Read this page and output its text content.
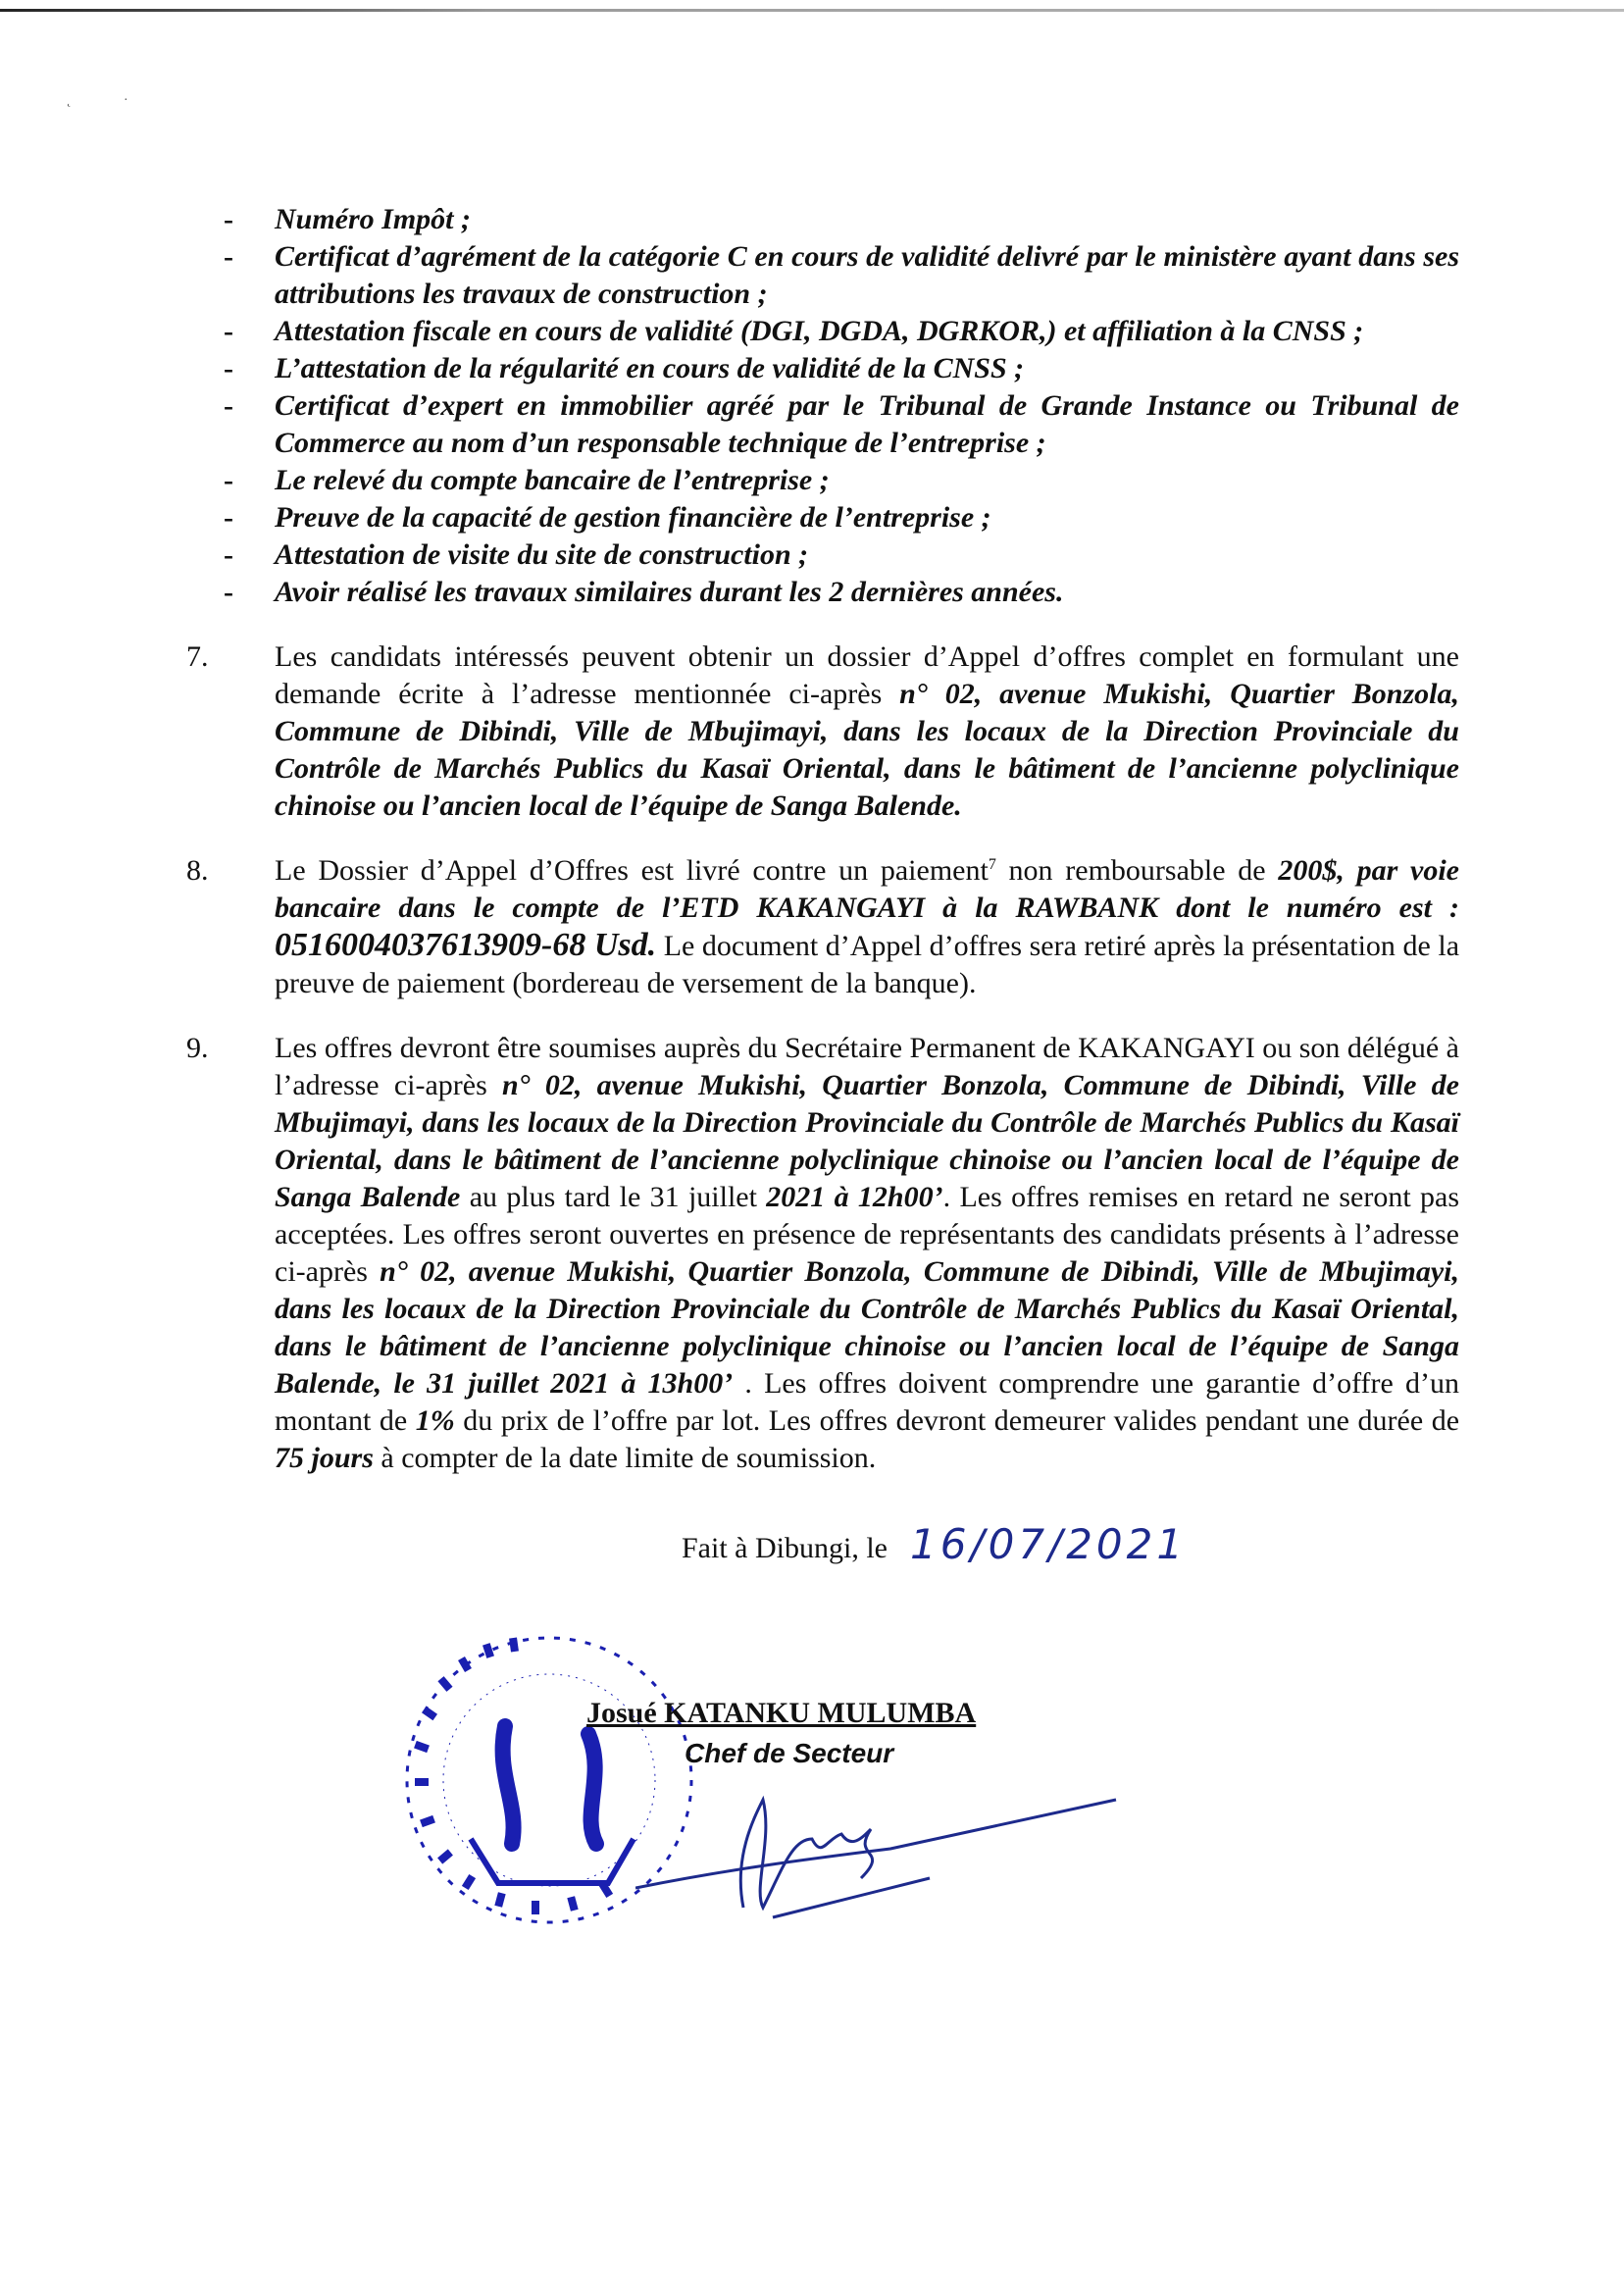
˛	·
- Numéro Impôt ;
- Certificat d’agrément de la catégorie C en cours de validité delivré par le ministère ayant dans ses attributions les travaux de construction ;
- Attestation fiscale en cours de validité (DGI, DGDA, DGRKOR,) et affiliation à la CNSS ;
- L’attestation de la régularité en cours de validité de la CNSS ;
- Certificat d’expert en immobilier agréé par le Tribunal de Grande Instance ou Tribunal de Commerce au nom d’un responsable technique de l’entreprise ;
- Le relevé du compte bancaire de l’entreprise ;
- Preuve de la capacité de gestion financière de l’entreprise ;
- Attestation de visite du site de construction ;
- Avoir réalisé les travaux similaires durant les 2 dernières années.
7. Les candidats intéressés peuvent obtenir un dossier d’Appel d’offres complet en formulant une demande écrite à l’adresse mentionnée ci-après n° 02, avenue Mukishi, Quartier Bonzola, Commune de Dibindi, Ville de Mbujimayi, dans les locaux de la Direction Provinciale du Contrôle de Marchés Publics du Kasaï Oriental, dans le bâtiment de l’ancienne polyclinique chinoise ou l’ancien local de l’équipe de Sanga Balende.
8. Le Dossier d’Appel d’Offres est livré contre un paiement$^7$ non remboursable de 200$, par voie bancaire dans le compte de l’ETD KAKANGAYI à la RAWBANK dont le numéro est : 0516004037613909-68 Usd. Le document d’Appel d’offres sera retiré après la présentation de la preuve de paiement (bordereau de versement de la banque).
9. Les offres devront être soumises auprès du Secrétaire Permanent de KAKANGAYI ou son délégué à l’adresse ci-après n° 02, avenue Mukishi, Quartier Bonzola, Commune de Dibindi, Ville de Mbujimayi, dans les locaux de la Direction Provinciale du Contrôle de Marchés Publics du Kasaï Oriental, dans le bâtiment de l’ancienne polyclinique chinoise ou l’ancien local de l’équipe de Sanga Balende au plus tard le 31 juillet 2021 à 12h00’. Les offres remises en retard ne seront pas acceptées. Les offres seront ouvertes en présence de représentants des candidats présents à l’adresse ci-après n° 02, avenue Mukishi, Quartier Bonzola, Commune de Dibindi, Ville de Mbujimayi, dans les locaux de la Direction Provinciale du Contrôle de Marchés Publics du Kasaï Oriental, dans le bâtiment de l’ancienne polyclinique chinoise ou l’ancien local de l’équipe de Sanga Balende, le 31 juillet 2021 à 13h00’ . Les offres doivent comprendre une garantie d’offre d’un montant de 1% du prix de l’offre par lot. Les offres devront demeurer valides pendant une durée de 75 jours à compter de la date limite de soumission.
Fait à Dibungi, le 16/07/2021
Josué KATANKU MULUMBA
Chef de Secteur
